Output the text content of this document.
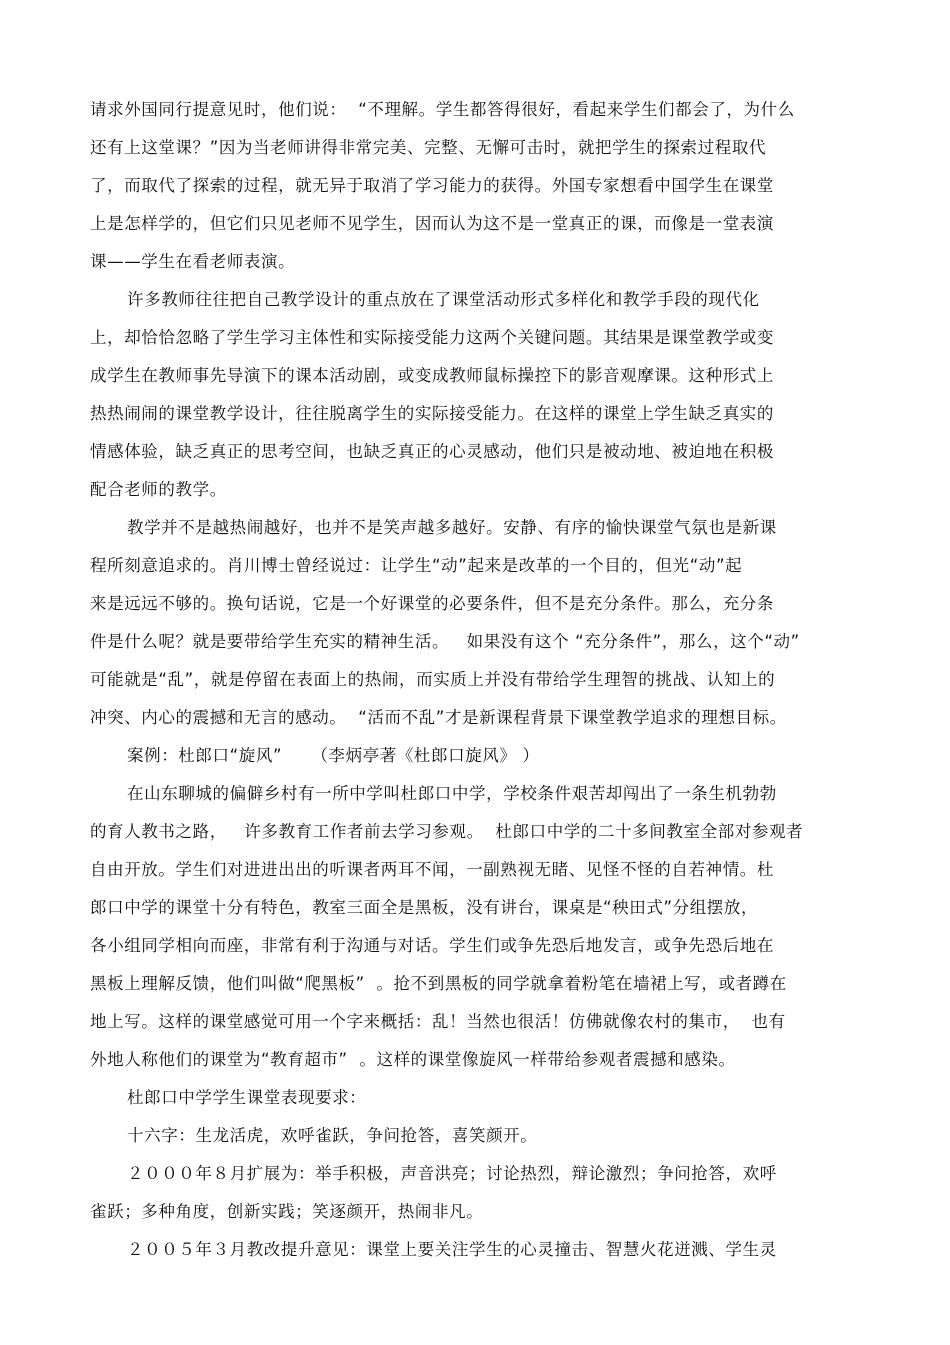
请求外国同行提意见时，他们说：  “不理解。学生都答得很好，看起来学生们都会了，为什么
还有上这堂课？”因为当老师讲得非常完美、完整、无懈可击时，就把学生的探索过程取代
了，而取代了探索的过程，就无异于取消了学习能力的获得。外国专家想看中国学生在课堂
上是怎样学的，但它们只见老师不见学生，因而认为这不是一堂真正的课，而像是一堂表演
课——学生在看老师表演。
许多教师往往把自己教学设计的重点放在了课堂活动形式多样化和教学手段的现代化
上，却恰恰忽略了学生学习主体性和实际接受能力这两个关键问题。其结果是课堂教学或变
成学生在教师事先导演下的课本活动剧，或变成教师鼠标操控下的影音观摩课。这种形式上
热热闹闹的课堂教学设计，往往脱离学生的实际接受能力。在这样的课堂上学生缺乏真实的
情感体验，缺乏真正的思考空间，也缺乏真正的心灵感动，他们只是被动地、被迫地在积极
配合老师的教学。
教学并不是越热闹越好，也并不是笑声越多越好。安静、有序的愉快课堂气氛也是新课
程所刻意追求的。肖川博士曾经说过：让学生“动”起来是改革的一个目的，但光“动”起
来是远远不够的。换句话说，它是一个好课堂的必要条件，但不是充分条件。那么，充分条
件是什么呢？就是要带给学生充实的精神生活。   如果没有这个 “充分条件”，那么，这个“动”
可能就是“乱”，就是停留在表面上的热闹，而实质上并没有带给学生理智的挑战、认知上的
冲突、内心的震撼和无言的感动。  “活而不乱”才是新课程背景下课堂教学追求的理想目标。
案例：杜郎口“旋风”     （李炳亭著《杜郎口旋风》 ）
在山东聊城的偏僻乡村有一所中学叫杜郎口中学，学校条件艰苦却闯出了一条生机勃勃
的育人教书之路，   许多教育工作者前去学习参观。  杜郎口中学的二十多间教室全部对参观者
自由开放。学生们对进进出出的听课者两耳不闻，一副熟视无睹、见怪不怪的自若神情。杜
郎口中学的课堂十分有特色，教室三面全是黑板，没有讲台，课桌是“秧田式”分组摆放，
各小组同学相向而座，非常有利于沟通与对话。学生们或争先恐后地发言，或争先恐后地在
黑板上理解反馈，他们叫做“爬黑板”  。抢不到黑板的同学就拿着粉笔在墙裙上写，或者蹲在
地上写。这样的课堂感觉可用一个字来概括：乱！当然也很活！仿佛就像农村的集市，  也有
外地人称他们的课堂为“教育超市”  。这样的课堂像旋风一样带给参观者震撼和感染。
杜郎口中学学生课堂表现要求：
十六字：生龙活虎，欢呼雀跃，争问抢答，喜笑颜开。
２０００年８月扩展为：举手积极，声音洪亮；讨论热烈，辩论激烈；争问抢答，欢呼
雀跃；多种角度，创新实践；笑逐颜开，热闹非凡。
２００５年３月教改提升意见：课堂上要关注学生的心灵撞击、智慧火花迸溅、学生灵
